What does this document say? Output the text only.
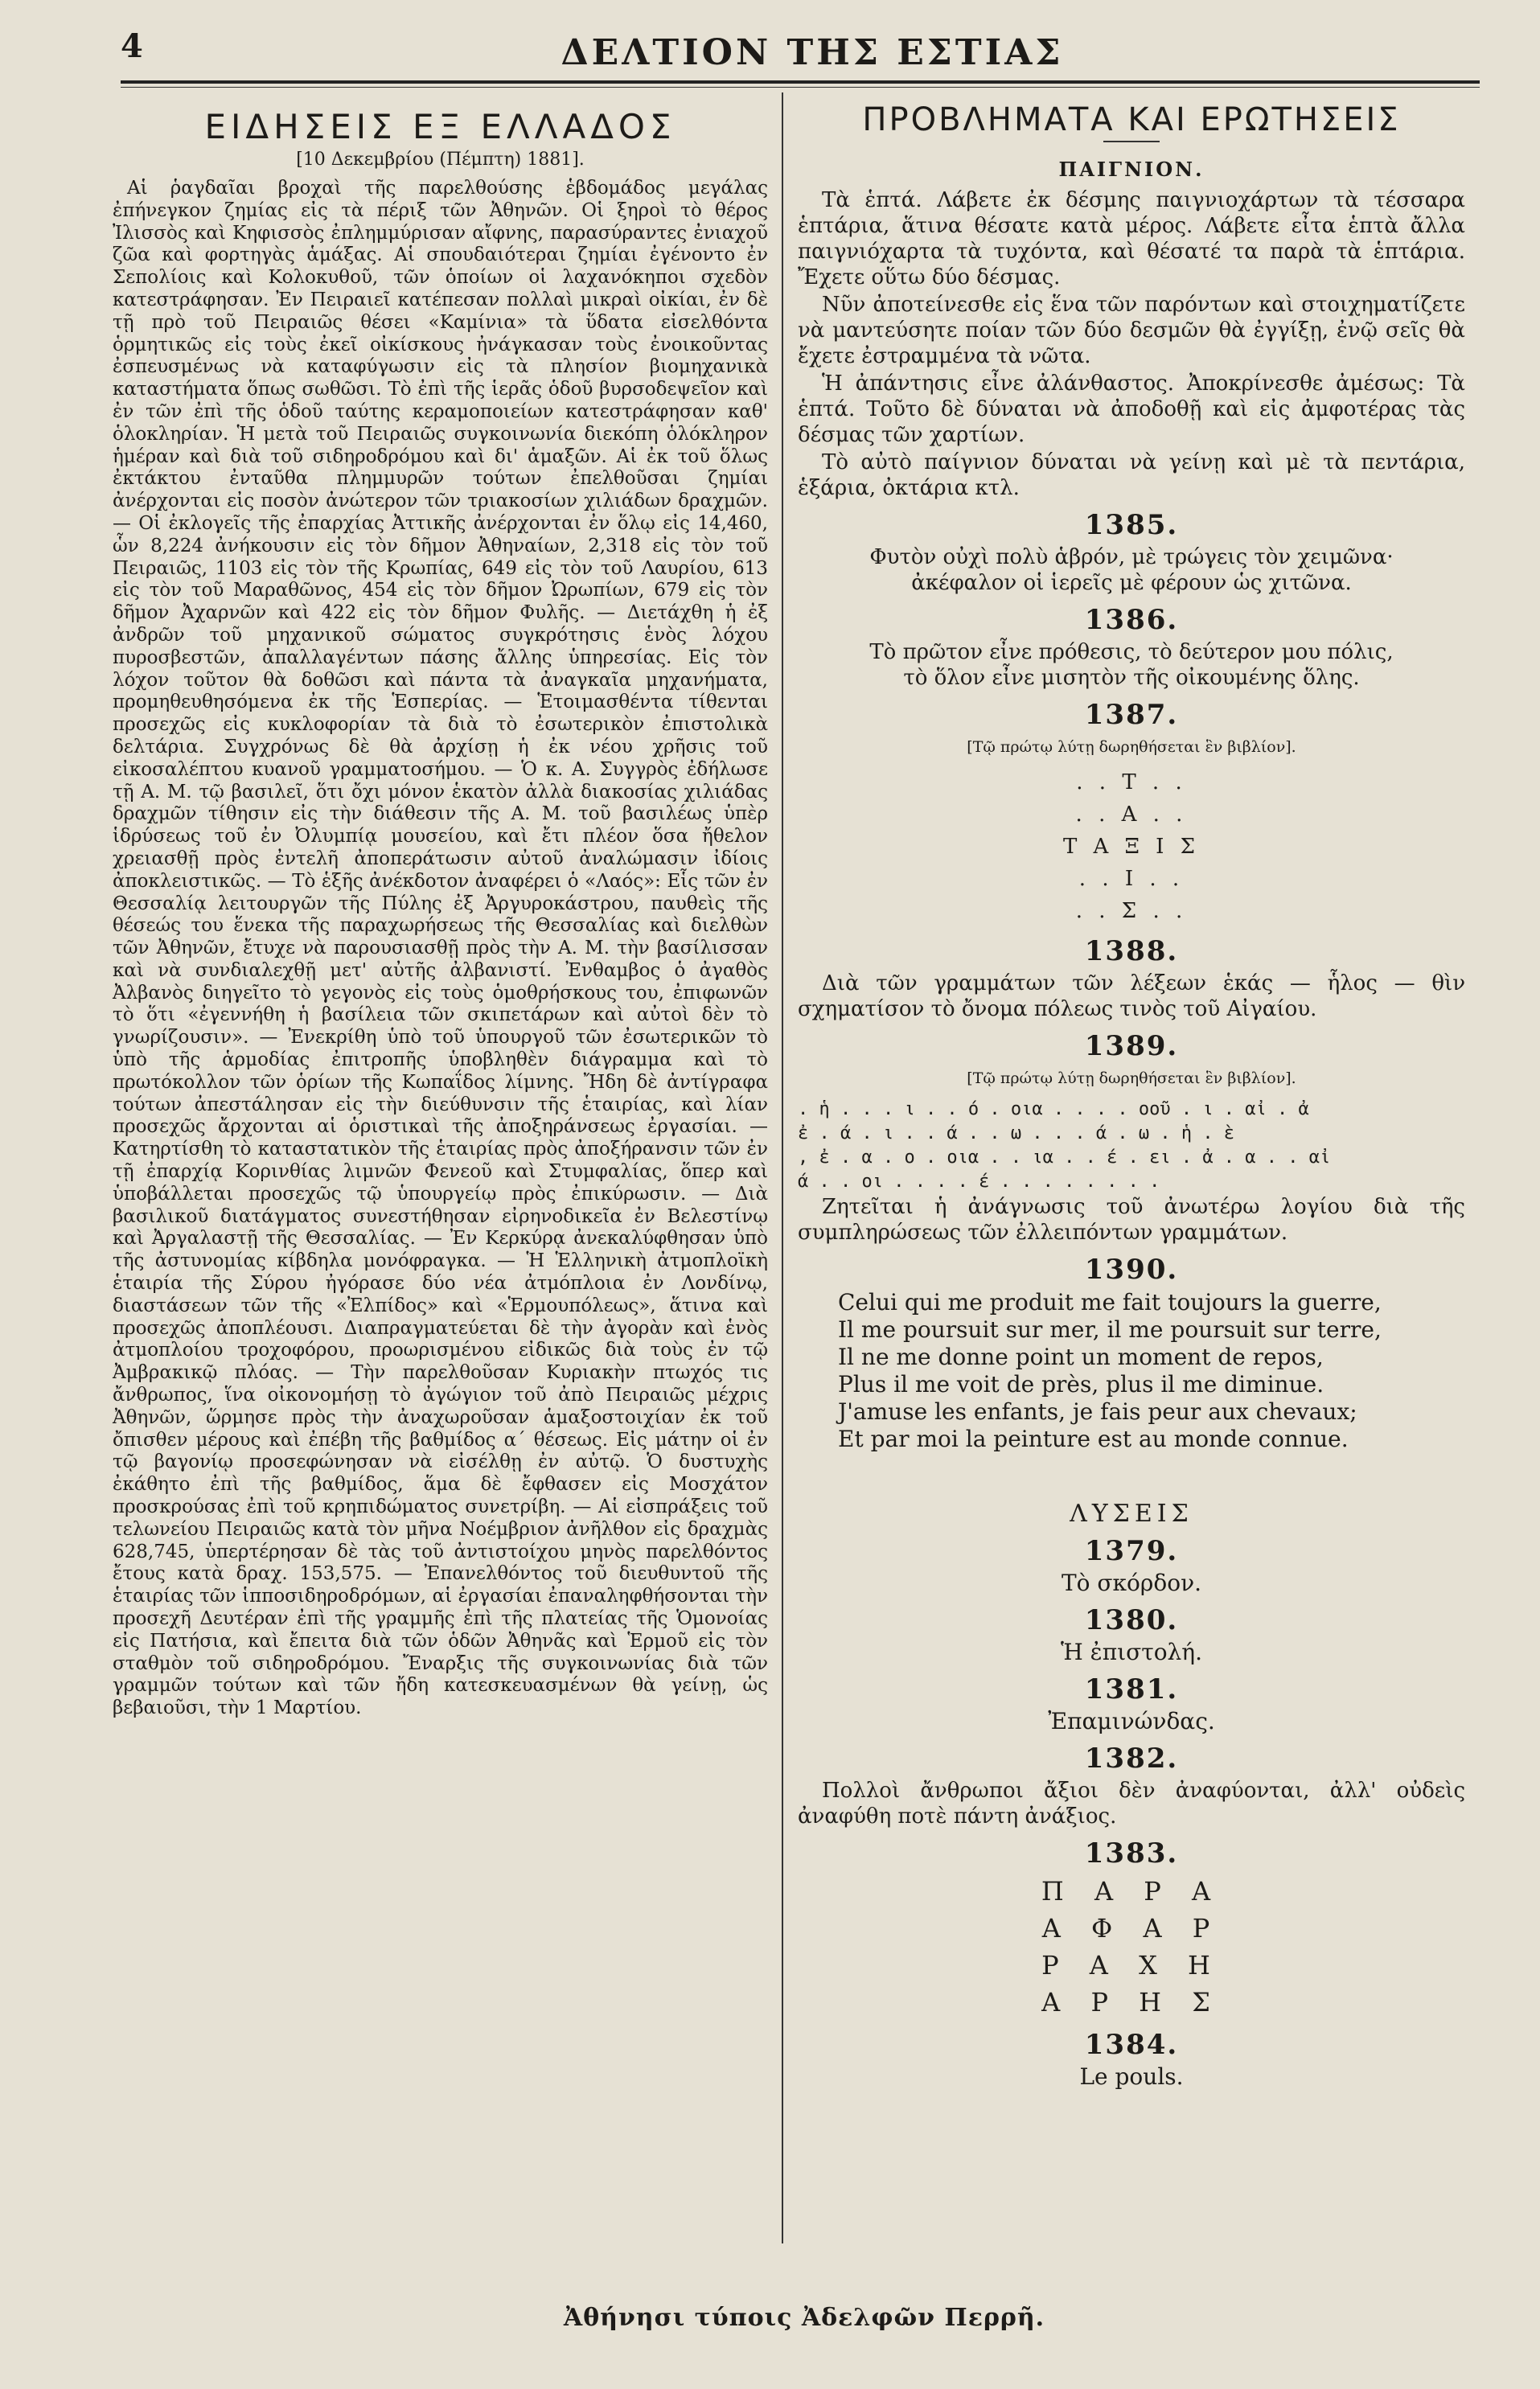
4	ΔΕΛΤΙΟΝ ΤΗΣ ΕΣΤΙΑΣ
ΕΙΔΗΣΕΙΣ ΕΞ ΕΛΛΑΔΟΣ
[10 Δεκεμβρίου (Πέμπτη) 1881].

Αἱ ῥαγδαῖαι βροχαὶ τῆς παρελθούσης ἑβδομάδος μεγάλας ἐπήνεγκον ζημίας εἰς τὰ πέριξ τῶν Ἀθηνῶν. Οἱ ξηροὶ τὸ θέρος Ἰλισσὸς καὶ Κηφισσὸς ἐπλημμύρισαν αἴφνης, παρασύραντες ἐνιαχοῦ ζῶα καὶ φορτηγὰς ἁμάξας. Αἱ σπουδαιότεραι ζημίαι ἐγένοντο ἐν Σεπολίοις καὶ Κολοκυθοῦ, τῶν ὁποίων οἱ λαχανόκηποι σχεδὸν κατεστράφησαν. Ἐν Πειραιεῖ κατέπεσαν πολλαὶ μικραὶ οἰκίαι, ἐν δὲ τῇ πρὸ τοῦ Πειραιῶς θέσει «Καμίνια» τὰ ὕδατα εἰσελθόντα ὁρμητικῶς εἰς τοὺς ἐκεῖ οἰκίσκους ἠνάγκασαν τοὺς ἐνοικοῦντας ἐσπευσμένως νὰ καταφύγωσιν εἰς τὰ πλησίον βιομηχανικὰ καταστήματα ὅπως σωθῶσι. Τὸ ἐπὶ τῆς ἱερᾶς ὁδοῦ βυρσοδεψεῖον καὶ ἐν τῶν ἐπὶ τῆς ὁδοῦ ταύτης κεραμοποιείων κατεστράφησαν καθ' ὁλοκληρίαν. Ἡ μετὰ τοῦ Πειραιῶς συγκοινωνία διεκόπη ὁλόκληρον ἡμέραν καὶ διὰ τοῦ σιδηροδρόμου καὶ δι' ἁμαξῶν. Αἱ ἐκ τοῦ ὅλως ἐκτάκτου ἐνταῦθα πλημμυρῶν τούτων ἐπελθοῦσαι ζημίαι ἀνέρχονται εἰς ποσὸν ἀνώτερον τῶν τριακοσίων χιλιάδων δραχμῶν. — Οἱ ἐκλογεῖς τῆς ἐπαρχίας Ἀττικῆς ἀνέρχονται ἐν ὅλῳ εἰς 14,460, ὧν 8,224 ἀνήκουσιν εἰς τὸν δῆμον Ἀθηναίων, 2,318 εἰς τὸν τοῦ Πειραιῶς, 1103 εἰς τὸν τῆς Κρωπίας, 649 εἰς τὸν τοῦ Λαυρίου, 613 εἰς τὸν τοῦ Μαραθῶνος, 454 εἰς τὸν δῆμον Ὠρωπίων, 679 εἰς τὸν δῆμον Ἀχαρνῶν καὶ 422 εἰς τὸν δῆμον Φυλῆς. — Διετάχθη ἡ ἐξ ἀνδρῶν τοῦ μηχανικοῦ σώματος συγκρότησις ἑνὸς λόχου πυροσβεστῶν, ἀπαλλαγέντων πάσης ἄλλης ὑπηρεσίας. Εἰς τὸν λόχον τοῦτον θὰ δοθῶσι καὶ πάντα τὰ ἀναγκαῖα μηχανήματα, προμηθευθησόμενα ἐκ τῆς Ἑσπερίας. — Ἑτοιμασθέντα τίθενται προσεχῶς εἰς κυκλοφορίαν τὰ διὰ τὸ ἐσωτερικὸν ἐπιστολικὰ δελτάρια. Συγχρόνως δὲ θὰ ἀρχίσῃ ἡ ἐκ νέου χρῆσις τοῦ εἰκοσαλέπτου κυανοῦ γραμματοσήμου. — Ὁ κ. Α. Συγγρὸς ἐδήλωσε τῇ Α. Μ. τῷ βασιλεῖ, ὅτι ὄχι μόνον ἑκατὸν ἀλλὰ διακοσίας χιλιάδας δραχμῶν τίθησιν εἰς τὴν διάθεσιν τῆς Α. Μ. τοῦ βασιλέως ὑπὲρ ἱδρύσεως τοῦ ἐν Ὀλυμπίᾳ μουσείου, καὶ ἔτι πλέον ὅσα ἤθελον χρειασθῇ πρὸς ἐντελῆ ἀποπεράτωσιν αὐτοῦ ἀναλώμασιν ἰδίοις ἀποκλειστικῶς. — Τὸ ἑξῆς ἀνέκδοτον ἀναφέρει ὁ «Λαός»: Εἷς τῶν ἐν Θεσσαλίᾳ λειτουργῶν τῆς Πύλης ἐξ Ἀργυροκάστρου, παυθεὶς τῆς θέσεώς του ἕνεκα τῆς παραχωρήσεως τῆς Θεσσαλίας καὶ διελθὼν τῶν Ἀθηνῶν, ἔτυχε νὰ παρουσιασθῇ πρὸς τὴν Α. Μ. τὴν βασίλισσαν καὶ νὰ συνδιαλεχθῇ μετ' αὐτῆς ἀλβανιστί. Ἐνθαμβος ὁ ἀγαθὸς Ἀλβανὸς διηγεῖτο τὸ γεγονὸς εἰς τοὺς ὁμοθρήσκους του, ἐπιφωνῶν τὸ ὅτι «ἐγεννήθη ἡ βασίλεια τῶν σκιπετάρων καὶ αὐτοὶ δὲν τὸ γνωρίζουσιν». — Ἐνεκρίθη ὑπὸ τοῦ ὑπουργοῦ τῶν ἐσωτερικῶν τὸ ὑπὸ τῆς ἁρμοδίας ἐπιτροπῆς ὑποβληθὲν διάγραμμα καὶ τὸ πρωτόκολλον τῶν ὁρίων τῆς Κωπαΐδος λίμνης. Ἤδη δὲ ἀντίγραφα τούτων ἀπεστάλησαν εἰς τὴν διεύθυνσιν τῆς ἑταιρίας, καὶ λίαν προσεχῶς ἄρχονται αἱ ὁριστικαὶ τῆς ἀποξηράνσεως ἐργασίαι. — Κατηρτίσθη τὸ καταστατικὸν τῆς ἑταιρίας πρὸς ἀποξήρανσιν τῶν ἐν τῇ ἐπαρχίᾳ Κορινθίας λιμνῶν Φενεοῦ καὶ Στυμφαλίας, ὅπερ καὶ ὑποβάλλεται προσεχῶς τῷ ὑπουργείῳ πρὸς ἐπικύρωσιν. — Διὰ βασιλικοῦ διατάγματος συνεστήθησαν εἰρηνοδικεῖα ἐν Βελεστίνῳ καὶ Ἀργαλαστῇ τῆς Θεσσαλίας. — Ἐν Κερκύρᾳ ἀνεκαλύφθησαν ὑπὸ τῆς ἀστυνομίας κίβδηλα μονόφραγκα. — Ἡ Ἑλληνικὴ ἀτμοπλοϊκὴ ἑταιρία τῆς Σύρου ἠγόρασε δύο νέα ἀτμόπλοια ἐν Λονδίνῳ, διαστάσεων τῶν τῆς «Ἐλπίδος» καὶ «Ἑρμουπόλεως», ἅτινα καὶ προσεχῶς ἀποπλέουσι. Διαπραγματεύεται δὲ τὴν ἀγορὰν καὶ ἑνὸς ἀτμοπλοίου τροχοφόρου, προωρισμένου εἰδικῶς διὰ τοὺς ἐν τῷ Ἀμβρακικῷ πλόας. — Τὴν παρελθοῦσαν Κυριακὴν πτωχός τις ἄνθρωπος, ἵνα οἰκονομήσῃ τὸ ἀγώγιον τοῦ ἀπὸ Πειραιῶς μέχρις Ἀθηνῶν, ὥρμησε πρὸς τὴν ἀναχωροῦσαν ἁμαξοστοιχίαν ἐκ τοῦ ὄπισθεν μέρους καὶ ἐπέβη τῆς βαθμίδος α΄ θέσεως. Εἰς μάτην οἱ ἐν τῷ βαγονίῳ προσεφώνησαν νὰ εἰσέλθῃ ἐν αὐτῷ. Ὁ δυστυχὴς ἐκάθητο ἐπὶ τῆς βαθμίδος, ἅμα δὲ ἔφθασεν εἰς Μοσχάτον προσκρούσας ἐπὶ τοῦ κρηπιδώματος συνετρίβη. — Αἱ εἰσπράξεις τοῦ τελωνείου Πειραιῶς κατὰ τὸν μῆνα Νοέμβριον ἀνῆλθον εἰς δραχμὰς 628,745, ὑπερτέρησαν δὲ τὰς τοῦ ἀντιστοίχου μηνὸς παρελθόντος ἔτους κατὰ δραχ. 153,575. — Ἐπανελθόντος τοῦ διευθυντοῦ τῆς ἑταιρίας τῶν ἱπποσιδηροδρόμων, αἱ ἐργασίαι ἐπαναληφθήσονται τὴν προσεχῆ Δευτέραν ἐπὶ τῆς γραμμῆς ἐπὶ τῆς πλατείας τῆς Ὁμονοίας εἰς Πατήσια, καὶ ἔπειτα διὰ τῶν ὁδῶν Ἀθηνᾶς καὶ Ἑρμοῦ εἰς τὸν σταθμὸν τοῦ σιδηροδρόμου. Ἔναρξις τῆς συγκοινωνίας διὰ τῶν γραμμῶν τούτων καὶ τῶν ἤδη κατεσκευασμένων θὰ γείνῃ, ὡς βεβαιοῦσι, τὴν 1 Μαρτίου.

ΠΡΟΒΛΗΜΑΤΑ ΚΑΙ ΕΡΩΤΗΣΕΙΣ
ΠΑΙΓΝΙΟΝ.

Τὰ ἑπτά. Λάβετε ἐκ δέσμης παιγνιοχάρτων τὰ τέσσαρα ἑπτάρια, ἅτινα θέσατε κατὰ μέρος. Λάβετε εἶτα ἑπτὰ ἄλλα παιγνιόχαρτα τὰ τυχόντα, καὶ θέσατέ τα παρὰ τὰ ἑπτάρια. Ἔχετε οὕτω δύο δέσμας.

Νῦν ἀποτείνεσθε εἰς ἕνα τῶν παρόντων καὶ στοιχηματίζετε νὰ μαντεύσητε ποίαν τῶν δύο δεσμῶν θὰ ἐγγίξῃ, ἐνῷ σεῖς θὰ ἔχετε ἐστραμμένα τὰ νῶτα.

Ἡ ἀπάντησις εἶνε ἀλάνθαστος. Ἀποκρίνεσθε ἀμέσως: Τὰ ἑπτά. Τοῦτο δὲ δύναται νὰ ἀποδοθῇ καὶ εἰς ἀμφοτέρας τὰς δέσμας τῶν χαρτίων.

Τὸ αὐτὸ παίγνιον δύναται νὰ γείνῃ καὶ μὲ τὰ πεντάρια, ἑξάρια, ὀκτάρια κτλ.

1385.

Φυτὸν οὐχὶ πολὺ ἁβρόν, μὲ τρώγεις τὸν χειμῶνα·

ἀκέφαλον οἱ ἱερεῖς μὲ φέρουν ὡς χιτῶνα.

1386.

Τὸ πρῶτον εἶνε πρόθεσις, τὸ δεύτερον μου πόλις,

τὸ ὅλον εἶνε μισητὸν τῆς οἰκουμένης ὅλης.

1387.
[Τῷ πρώτῳ λύτῃ δωρηθήσεται ἓν βιβλίον].
. . Τ . .
. . Α . .
Τ Α Ξ Ι Σ
. . Ι . .
. . Σ . .
1388.

Διὰ τῶν γραμμάτων τῶν λέξεων ἑκάς — ἧλος — θὶν σχηματίσον τὸ ὄνομα πόλεως τινὸς τοῦ Αἰγαίου.

1389.
[Τῷ πρώτῳ λύτῃ δωρηθήσεται ἓν βιβλίον].
. ἡ . . . ι . . ό . οια . . . . οοῦ . ι . αἰ . ἀ
ἐ . ά . ι . . ά . . ω . . . ά . ω . ἡ . ὲ
, ἐ . α . ο . οια . . ια . . έ . ει . ἀ . α . . αἰ
ά . . οι . . . . έ . . . . . . . .

Ζητεῖται ἡ ἀνάγνωσις τοῦ ἀνωτέρω λογίου διὰ τῆς συμπληρώσεως τῶν ἐλλειπόντων γραμμάτων.

1390.
Celui qui me produit me fait toujours la guerre,
Il me poursuit sur mer, il me poursuit sur terre,
Il ne me donne point un moment de repos,
Plus il me voit de près, plus il me diminue.
J'amuse les enfants, je fais peur aux chevaux;
Et par moi la peinture est au monde connue.
ΛΥΣΕΙΣ
1379.
Τὸ σκόρδον.
1380.
Ἡ ἐπιστολή.
1381.
Ἐπαμινώνδας.
1382.

Πολλοὶ ἄνθρωποι ἄξιοι δὲν ἀναφύονται, ἀλλ' οὐδεὶς ἀναφύθη ποτὲ πάντη ἀνάξιος.

1383.
Π Α Ρ Α
Α Φ Α Ρ
Ρ Α Χ Η
Α Ρ Η Σ
1384.
Le pouls.
Ἀθήνησι τύποις Ἀδελφῶν Περρῆ.
